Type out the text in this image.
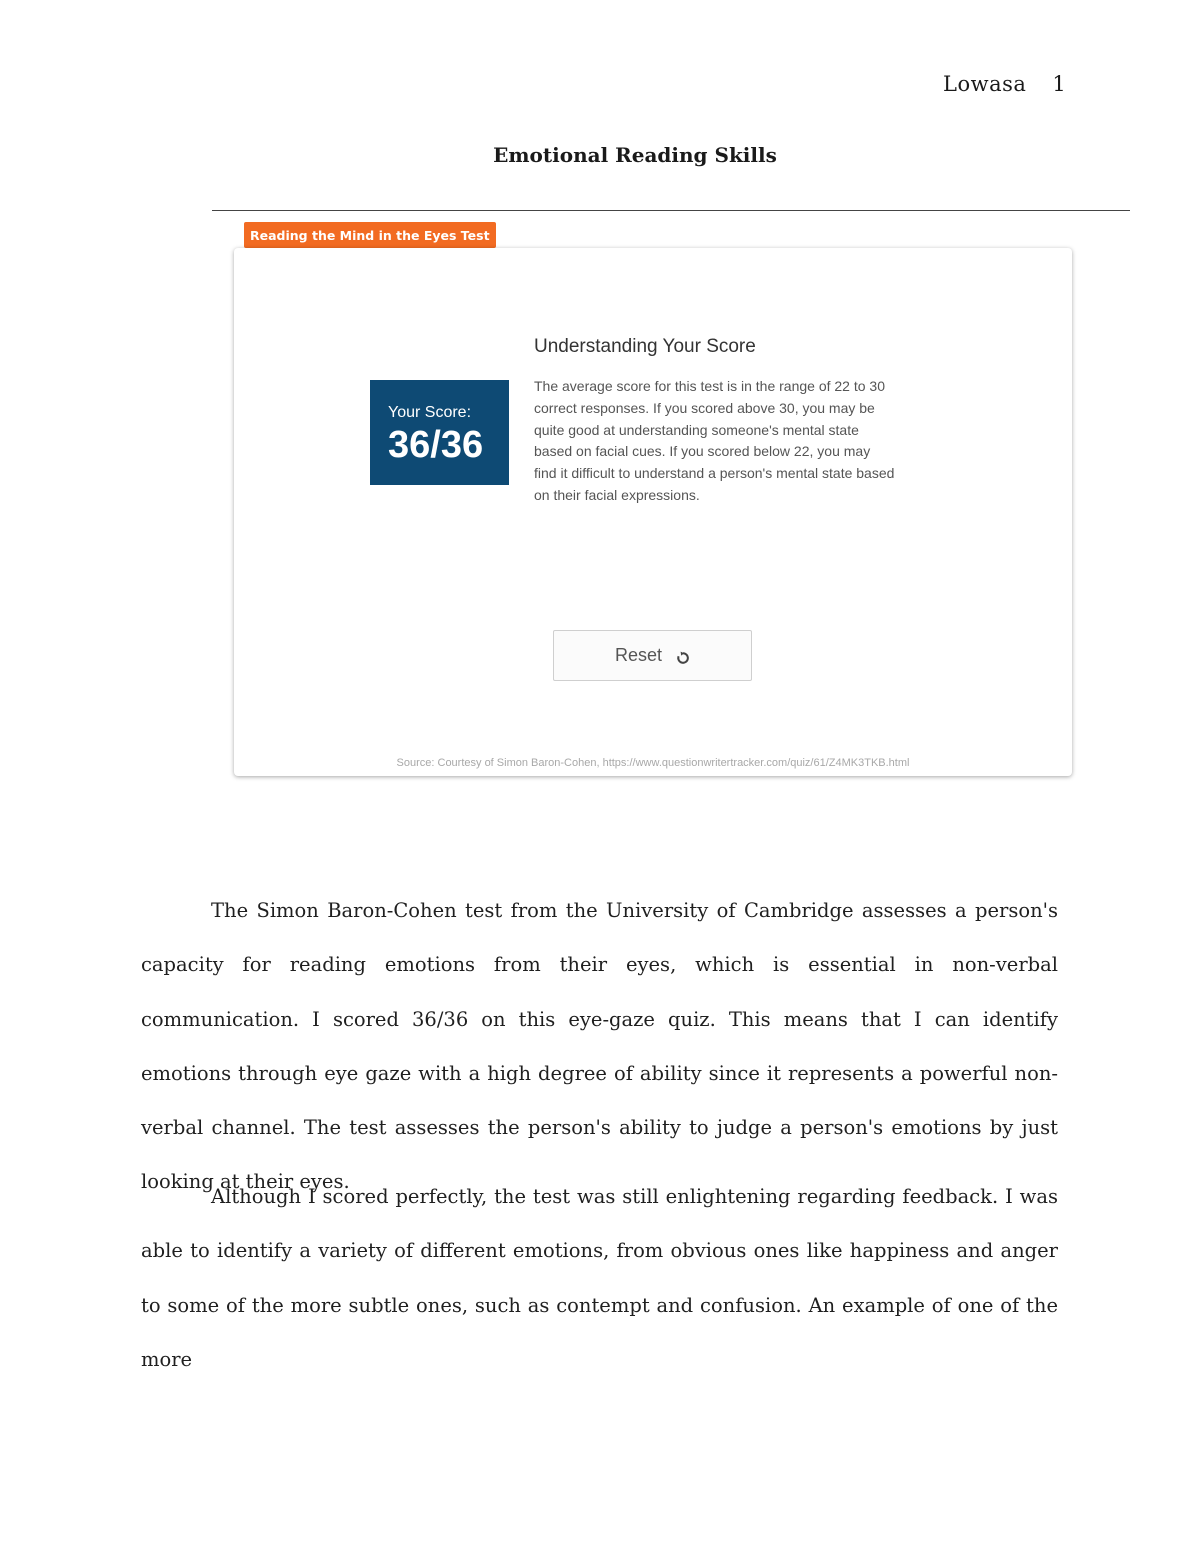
Lowasa 1
Emotional Reading Skills
Reading the Mind in the Eyes Test
Your Score:
36/36
Understanding Your Score
The average score for this test is in the range of 22 to 30 correct responses. If you scored above 30, you may be quite good at understanding someone's mental state based on facial cues. If you scored below 22, you may find it difficult to understand a person's mental state based on their facial expressions.
Reset
Source: Courtesy of Simon Baron-Cohen, https://www.questionwritertracker.com/quiz/61/Z4MK3TKB.html

The Simon Baron-Cohen test from the University of Cambridge assesses a person's capacity for reading emotions from their eyes, which is essential in non-verbal communication. I scored 36/36 on this eye-gaze quiz. This means that I can identify emotions through eye gaze with a high degree of ability since it represents a powerful non-verbal channel. The test assesses the person's ability to judge a person's emotions by just looking at their eyes.

Although I scored perfectly, the test was still enlightening regarding feedback. I was able to identify a variety of different emotions, from obvious ones like happiness and anger to some of the more subtle ones, such as contempt and confusion. An example of one of the more
